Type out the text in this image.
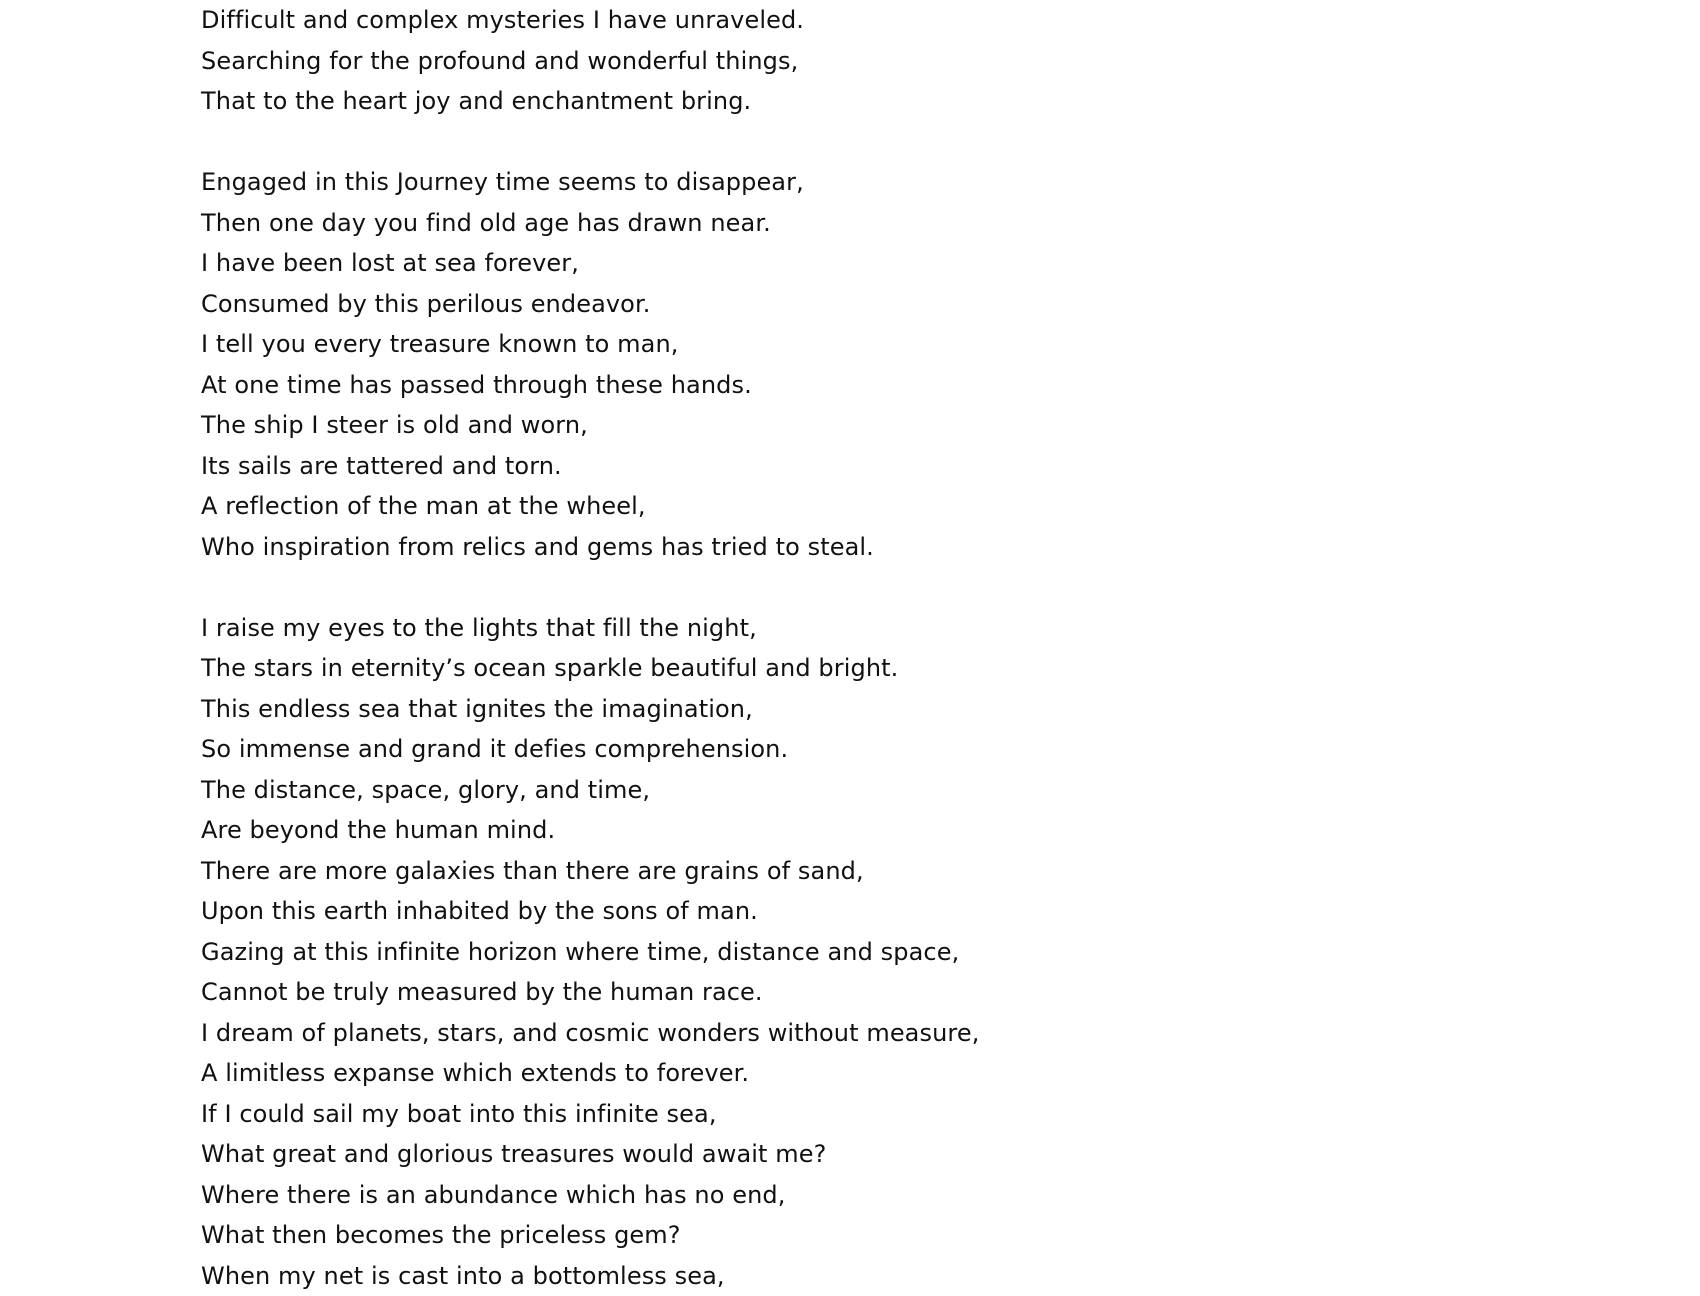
Difficult and complex mysteries I have unraveled.
Searching for the profound and wonderful things,
That to the heart joy and enchantment bring.
Engaged in this Journey time seems to disappear,
Then one day you find old age has drawn near.
I have been lost at sea forever,
Consumed by this perilous endeavor.
I tell you every treasure known to man,
At one time has passed through these hands.
The ship I steer is old and worn,
Its sails are tattered and torn.
A reflection of the man at the wheel,
Who inspiration from relics and gems has tried to steal.
I raise my eyes to the lights that fill the night,
The stars in eternity’s ocean sparkle beautiful and bright.
This endless sea that ignites the imagination,
So immense and grand it defies comprehension.
The distance, space, glory, and time,
Are beyond the human mind.
There are more galaxies than there are grains of sand,
Upon this earth inhabited by the sons of man.
Gazing at this infinite horizon where time, distance and space,
Cannot be truly measured by the human race.
I dream of planets, stars, and cosmic wonders without measure,
A limitless expanse which extends to forever.
If I could sail my boat into this infinite sea,
What great and glorious treasures would await me?
Where there is an abundance which has no end,
What then becomes the priceless gem?
When my net is cast into a bottomless sea,
